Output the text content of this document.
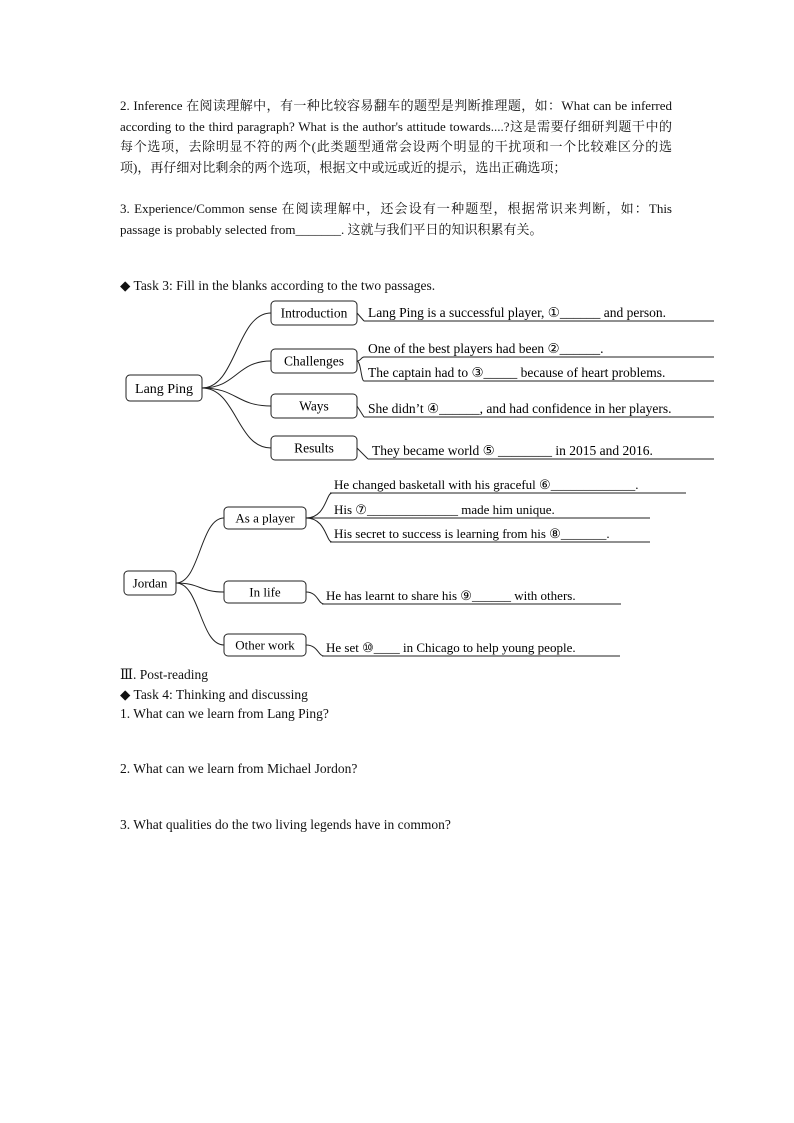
2. Inference 在阅读理解中，有一种比较容易翻车的题型是判断推理题，如：What can be inferred according to the third paragraph? What is the author's attitude towards....?这是需要仔细研判题干中的每个选项，去除明显不符的两个(此类题型通常会设两个明显的干扰项和一个比较难区分的选项)，再仔细对比剩余的两个选项，根据文中或远或近的提示，选出正确选项；
3. Experience/Common sense 在阅读理解中，还会设有一种题型，根据常识来判断，如：This passage is probably selected from_______. 这就与我们平日的知识积累有关。
◆ Task 3: Fill in the blanks according to the two passages.
Lang Ping
Introduction Lang Ping is a successful player, ①______ and person.
Challenges
One of the best players had been ②______.
The captain had to ③_____ because of heart problems.
Ways	She didn’t ④______, and had confidence in her players.
Results	They became world ⑤ ________ in 2015 and 2016.
Jordan
As a player
He changed basketall with his graceful ⑥_____________.
His ⑦______________ made him unique.
His secret to success is learning from his ⑧_______.
In life	He has learnt to share his ⑨______ with others.
Other work He set ⑩____ in Chicago to help young people.
Ⅲ. Post-reading
◆ Task 4: Thinking and discussing
1. What can we learn from Lang Ping?
2. What can we learn from Michael Jordon?
3. What qualities do the two living legends have in common?
